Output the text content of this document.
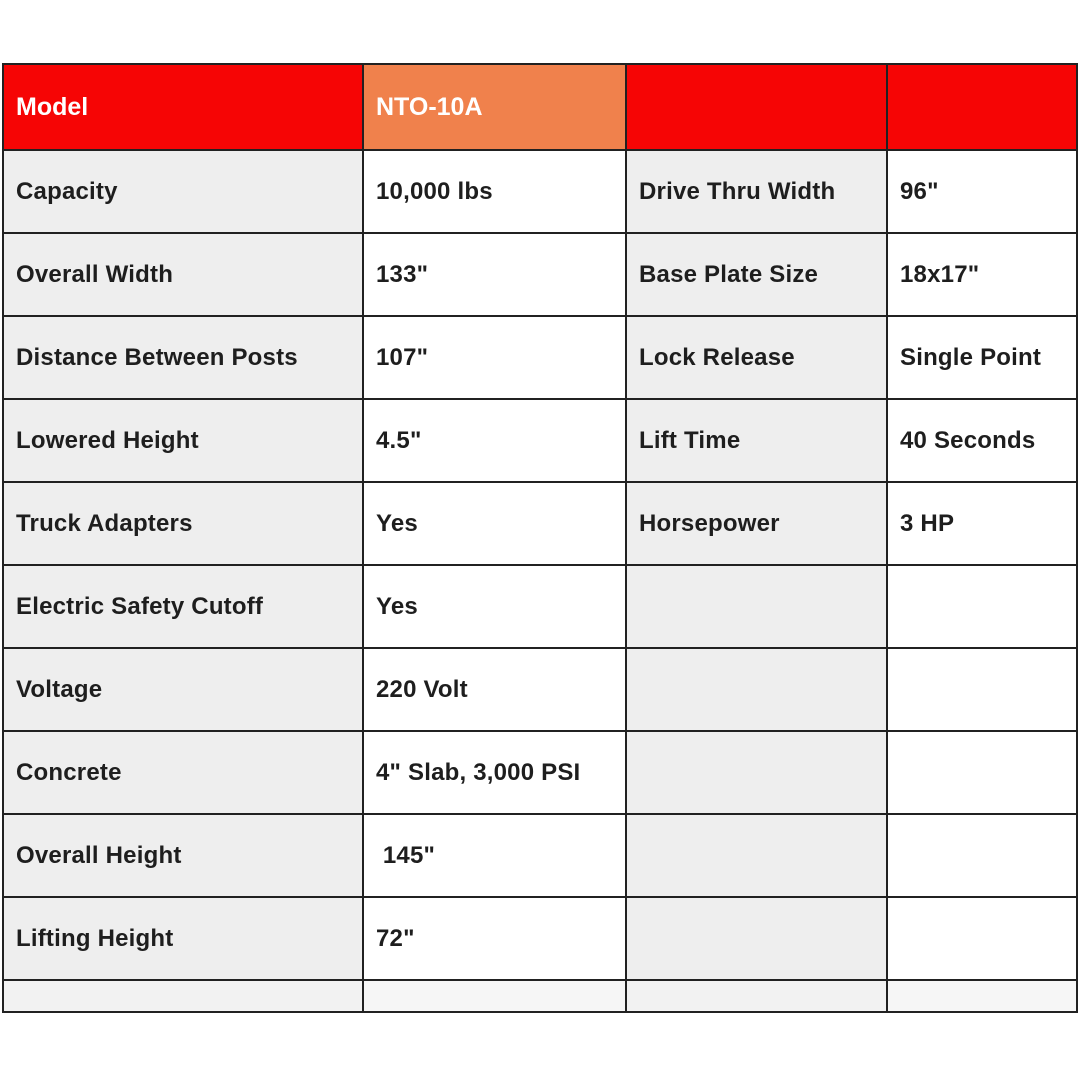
Model	NTO-10A		
Capacity	10,000 lbs	Drive Thru Width	96"
Overall Width	133"	Base Plate Size	18x17"
Distance Between Posts	107"	Lock Release	Single Point
Lowered Height	4.5"	Lift Time	40 Seconds
Truck Adapters	Yes	Horsepower	3 HP
Electric Safety Cutoff	Yes		
Voltage	220 Volt		
Concrete	4" Slab, 3,000 PSI		
Overall Height	145"		
Lifting Height	72"		
